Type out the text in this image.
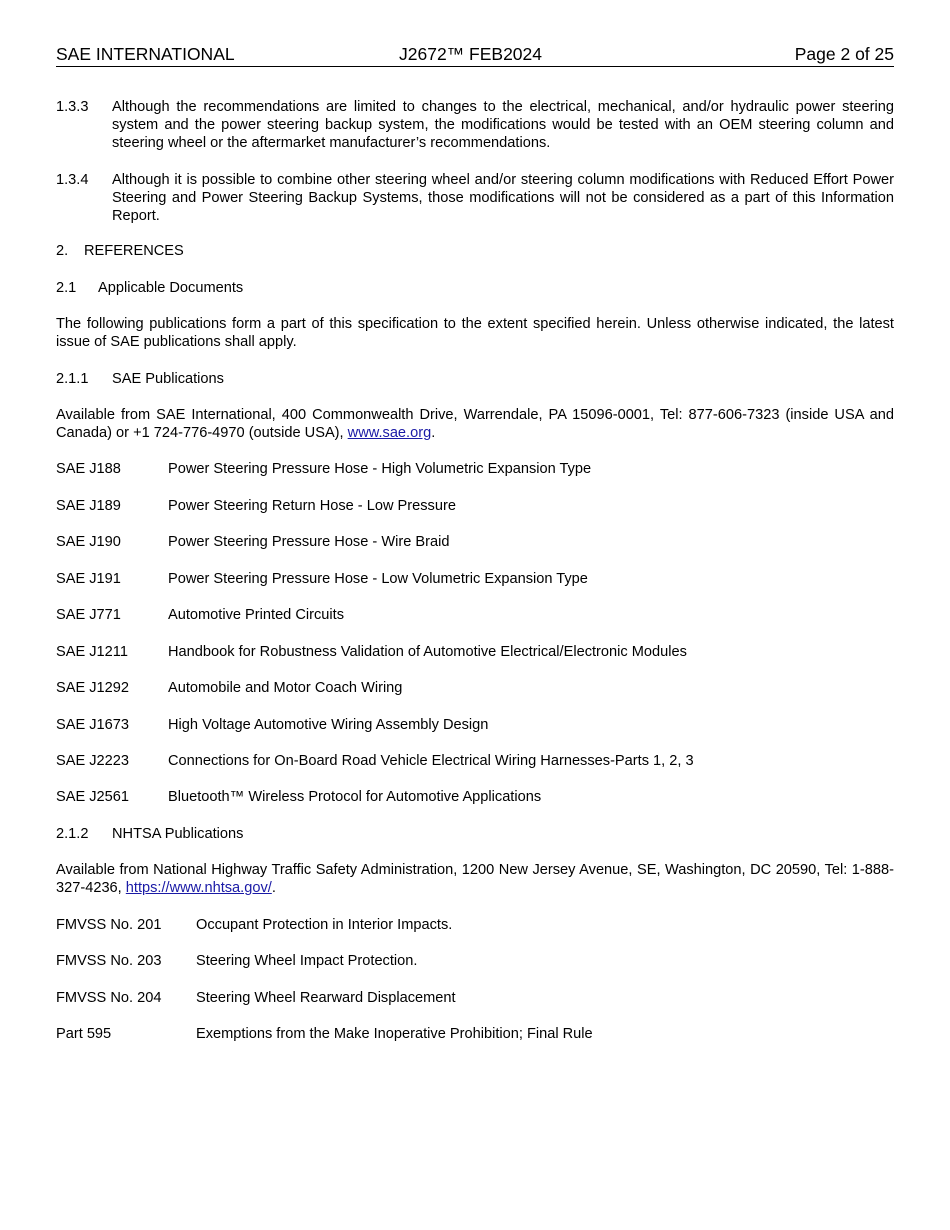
SAE INTERNATIONAL	J2672™ FEB2024	Page 2 of 25
1.3.3	Although the recommendations are limited to changes to the electrical, mechanical, and/or hydraulic power steering system and the power steering backup system, the modifications would be tested with an OEM steering column and steering wheel or the aftermarket manufacturer’s recommendations.
1.3.4	Although it is possible to combine other steering wheel and/or steering column modifications with Reduced Effort Power Steering and Power Steering Backup Systems, those modifications will not be considered as a part of this Information Report.
2.	REFERENCES
2.1	Applicable Documents
The following publications form a part of this specification to the extent specified herein. Unless otherwise indicated, the latest issue of SAE publications shall apply.
2.1.1	SAE Publications
Available from SAE International, 400 Commonwealth Drive, Warrendale, PA 15096-0001, Tel: 877-606-7323 (inside USA and Canada) or +1 724-776-4970 (outside USA), www.sae.org.
SAE J188	Power Steering Pressure Hose - High Volumetric Expansion Type
SAE J189	Power Steering Return Hose - Low Pressure
SAE J190	Power Steering Pressure Hose - Wire Braid
SAE J191	Power Steering Pressure Hose - Low Volumetric Expansion Type
SAE J771	Automotive Printed Circuits
SAE J1211	Handbook for Robustness Validation of Automotive Electrical/Electronic Modules
SAE J1292	Automobile and Motor Coach Wiring
SAE J1673	High Voltage Automotive Wiring Assembly Design
SAE J2223	Connections for On-Board Road Vehicle Electrical Wiring Harnesses-Parts 1, 2, 3
SAE J2561	Bluetooth™ Wireless Protocol for Automotive Applications
2.1.2	NHTSA Publications
Available from National Highway Traffic Safety Administration, 1200 New Jersey Avenue, SE, Washington, DC 20590, Tel: 1-888-327-4236, https://www.nhtsa.gov/.
FMVSS No. 201	Occupant Protection in Interior Impacts.
FMVSS No. 203	Steering Wheel Impact Protection.
FMVSS No. 204	Steering Wheel Rearward Displacement
Part 595	Exemptions from the Make Inoperative Prohibition; Final Rule
